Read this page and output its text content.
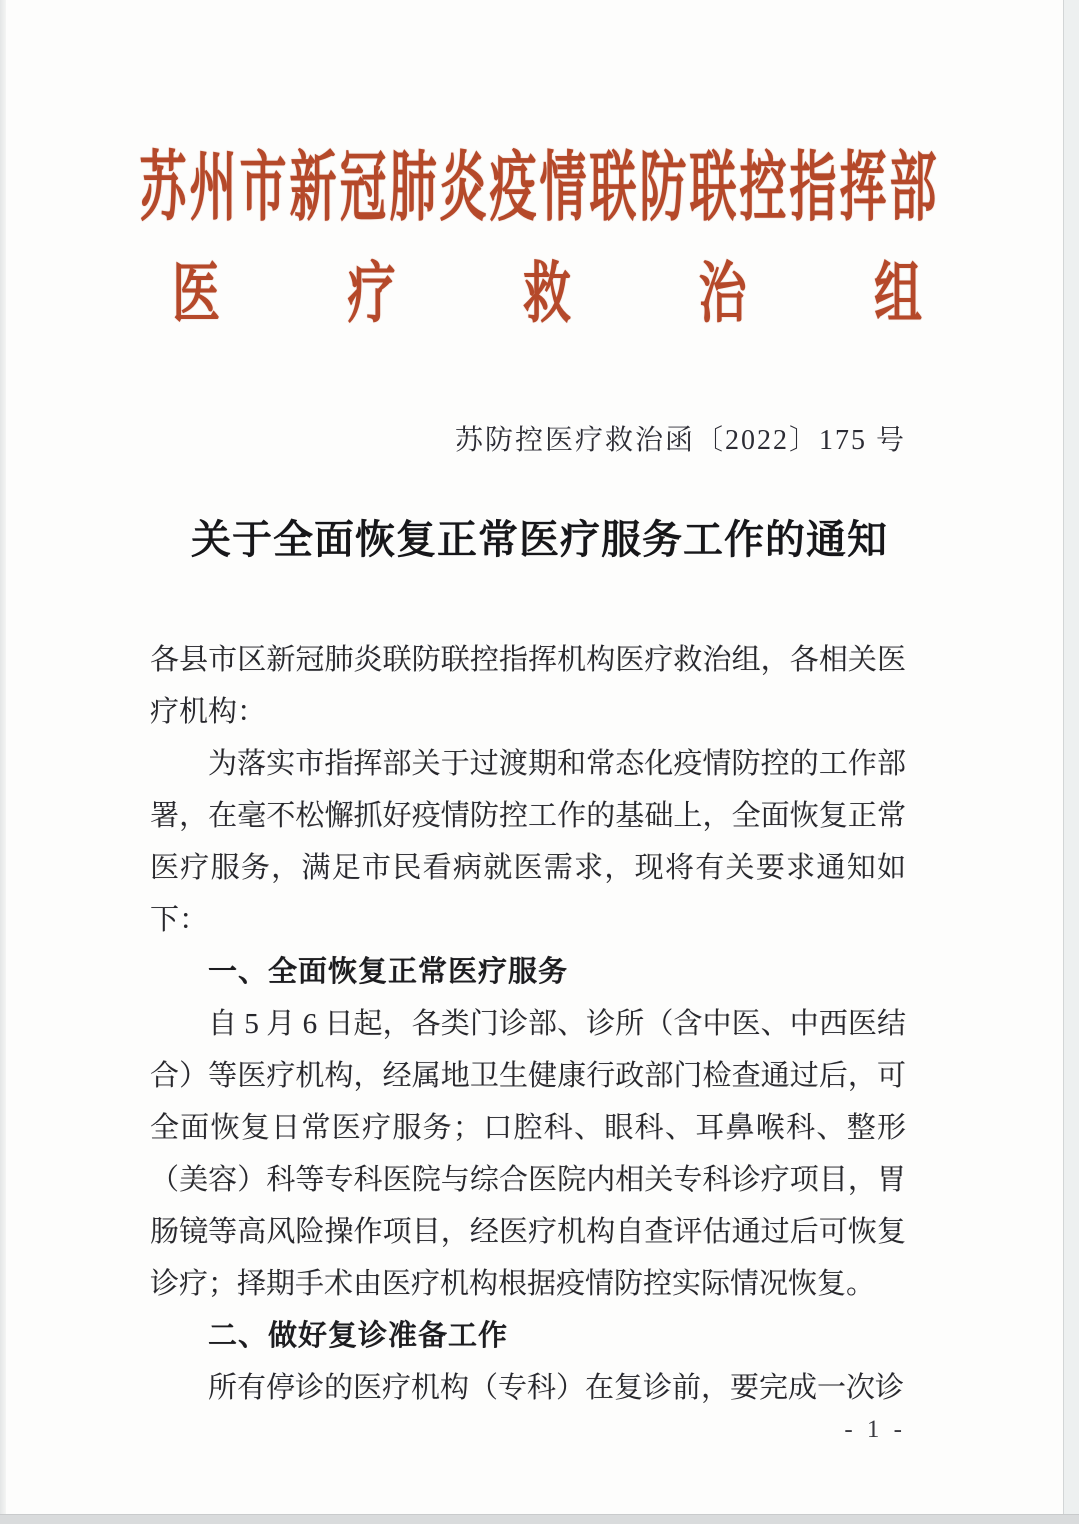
苏州市新冠肺炎疫情联防联控指挥部
医	疗	救	治	组
苏防控医疗救治函〔2022〕175 号
关于全面恢复正常医疗服务工作的通知

各县市区新冠肺炎联防联控指挥机构医疗救治组，各相关医疗机构：

为落实市指挥部关于过渡期和常态化疫情防控的工作部署，在毫不松懈抓好疫情防控工作的基础上，全面恢复正常医疗服务，满足市民看病就医需求，现将有关要求通知如下：

一、全面恢复正常医疗服务

自 5 月 6 日起，各类门诊部、诊所（含中医、中西医结合）等医疗机构，经属地卫生健康行政部门检查通过后，可全面恢复日常医疗服务；口腔科、眼科、耳鼻喉科、整形（美容）科等专科医院与综合医院内相关专科诊疗项目，胃肠镜等高风险操作项目，经医疗机构自查评估通过后可恢复诊疗；择期手术由医疗机构根据疫情防控实际情况恢复。

二、做好复诊准备工作

所有停诊的医疗机构（专科）在复诊前，要完成一次诊

- 1 -
